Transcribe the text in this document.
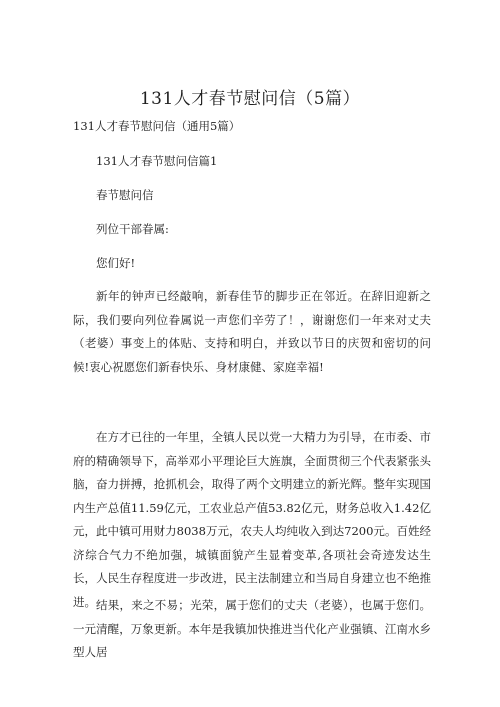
131人才春节慰问信（5篇）
131人才春节慰问信（通用5篇）
131人才春节慰问信篇1
春节慰问信
列位干部眷属:
您们好!

新年的钟声已经敲响，新春佳节的脚步正在邻近。在辞旧迎新之际，我们要向列位眷属说一声您们辛劳了！，谢谢您们一年来对丈夫（老婆）事变上的体贴、支持和明白，并致以节日的庆贺和密切的问候!衷心祝愿您们新春快乐、身材康健、家庭幸福!

在方才已往的一年里，全镇人民以党一大精力为引导，在市委、市府的精确领导下，高举邓小平理论巨大旌旗，全面贯彻三个代表紧张头脑，奋力拼搏，抢抓机会，取得了两个文明建立的新光辉。整年实现国内生产总值11.59亿元，工农业总产值53.82亿元，财务总收入1.42亿元，此中镇可用财力8038万元，农夫人均纯收入到达7200元。百姓经济综合气力不绝加强，城镇面貌产生显着变革,各项社会奇迹发达生长，人民生存程度进一步改进，民主法制建立和当局自身建立也不绝推进。 结果，来之不易；光荣，属于您们的丈夫（老婆），也属于您们。一元清醒，万象更新。本年是我镇加快推进当代化产业强镇、江南水乡型人居
